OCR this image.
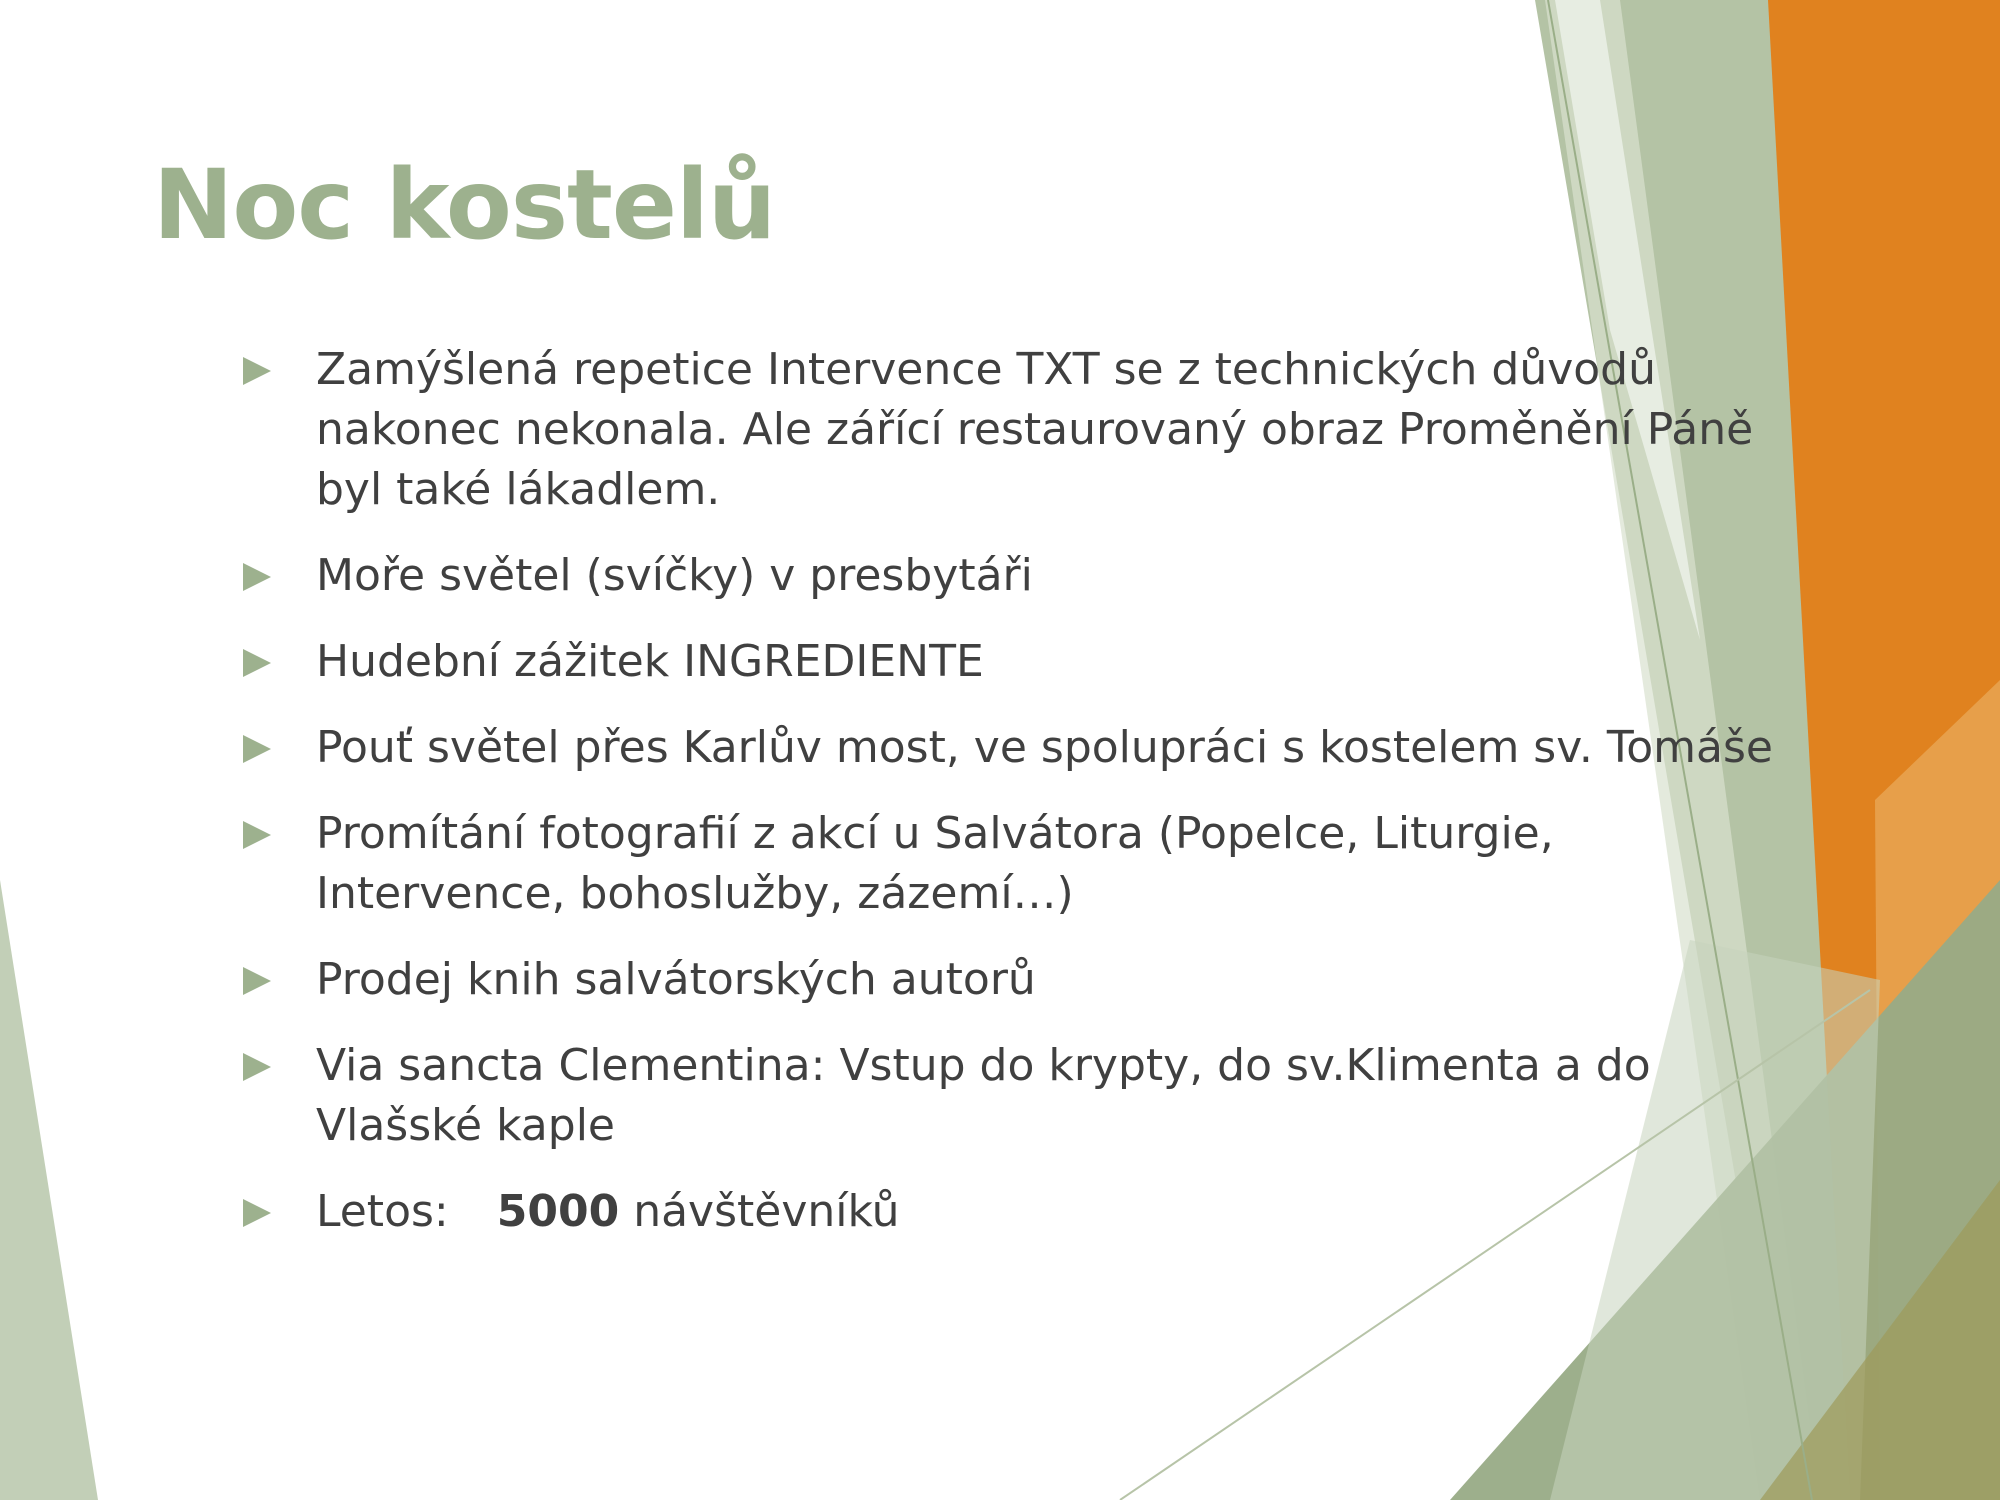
Noc kostelů
Zamýšlená repetice Intervence TXT se z technických důvodů nakonec nekonala. Ale zářící restaurovaný obraz Proměnění Páně byl také lákadlem.
Moře světel (svíčky) v presbytáři
Hudební zážitek INGREDIENTE
Pouť světel přes Karlův most, ve spolupráci s kostelem sv. Tomáše
Promítání fotografií z akcí u Salvátora (Popelce, Liturgie, Intervence, bohoslužby, zázemí…)
Prodej knih salvátorských autorů
Via sancta Clementina: Vstup do krypty, do sv.Klimenta a do Vlašské kaple
Letos: 5000 návštěvníků
